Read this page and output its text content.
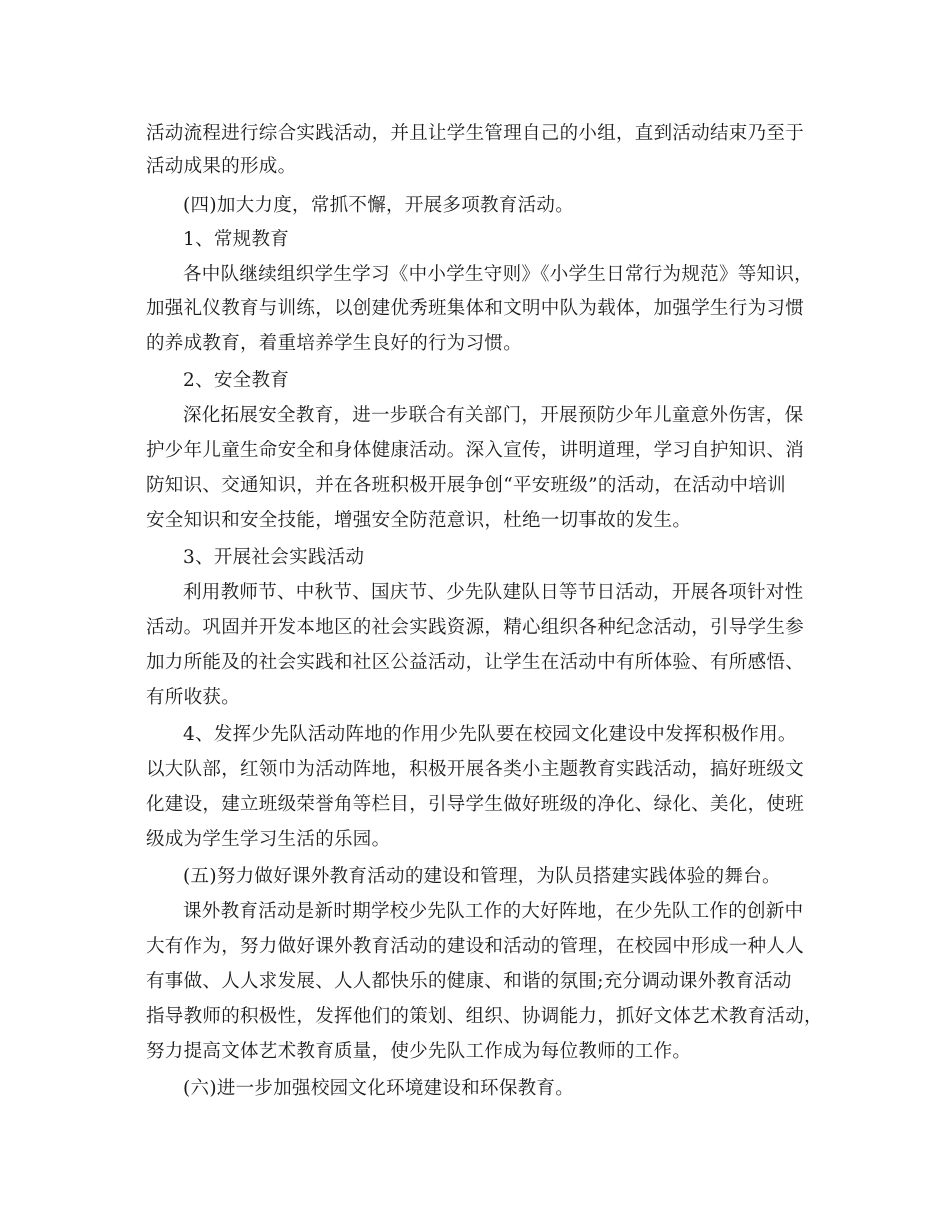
活动流程进行综合实践活动，并且让学生管理自己的小组，直到活动结束乃至于
活动成果的形成。
(四)加大力度，常抓不懈，开展多项教育活动。
1、常规教育
各中队继续组织学生学习《中小学生守则》《小学生日常行为规范》等知识，
加强礼仪教育与训练，以创建优秀班集体和文明中队为载体，加强学生行为习惯
的养成教育，着重培养学生良好的行为习惯。
2、安全教育
深化拓展安全教育，进一步联合有关部门，开展预防少年儿童意外伤害，保
护少年儿童生命安全和身体健康活动。深入宣传，讲明道理，学习自护知识、消
防知识、交通知识，并在各班积极开展争创“平安班级”的活动，在活动中培训
安全知识和安全技能，增强安全防范意识，杜绝一切事故的发生。
3、开展社会实践活动
利用教师节、中秋节、国庆节、少先队建队日等节日活动，开展各项针对性
活动。巩固并开发本地区的社会实践资源，精心组织各种纪念活动，引导学生参
加力所能及的社会实践和社区公益活动，让学生在活动中有所体验、有所感悟、
有所收获。
4、发挥少先队活动阵地的作用少先队要在校园文化建设中发挥积极作用。
以大队部，红领巾为活动阵地，积极开展各类小主题教育实践活动，搞好班级文
化建设，建立班级荣誉角等栏目，引导学生做好班级的净化、绿化、美化，使班
级成为学生学习生活的乐园。
(五)努力做好课外教育活动的建设和管理，为队员搭建实践体验的舞台。
课外教育活动是新时期学校少先队工作的大好阵地，在少先队工作的创新中
大有作为，努力做好课外教育活动的建设和活动的管理，在校园中形成一种人人
有事做、人人求发展、人人都快乐的健康、和谐的氛围;充分调动课外教育活动
指导教师的积极性，发挥他们的策划、组织、协调能力，抓好文体艺术教育活动，
努力提高文体艺术教育质量，使少先队工作成为每位教师的工作。
(六)进一步加强校园文化环境建设和环保教育。
